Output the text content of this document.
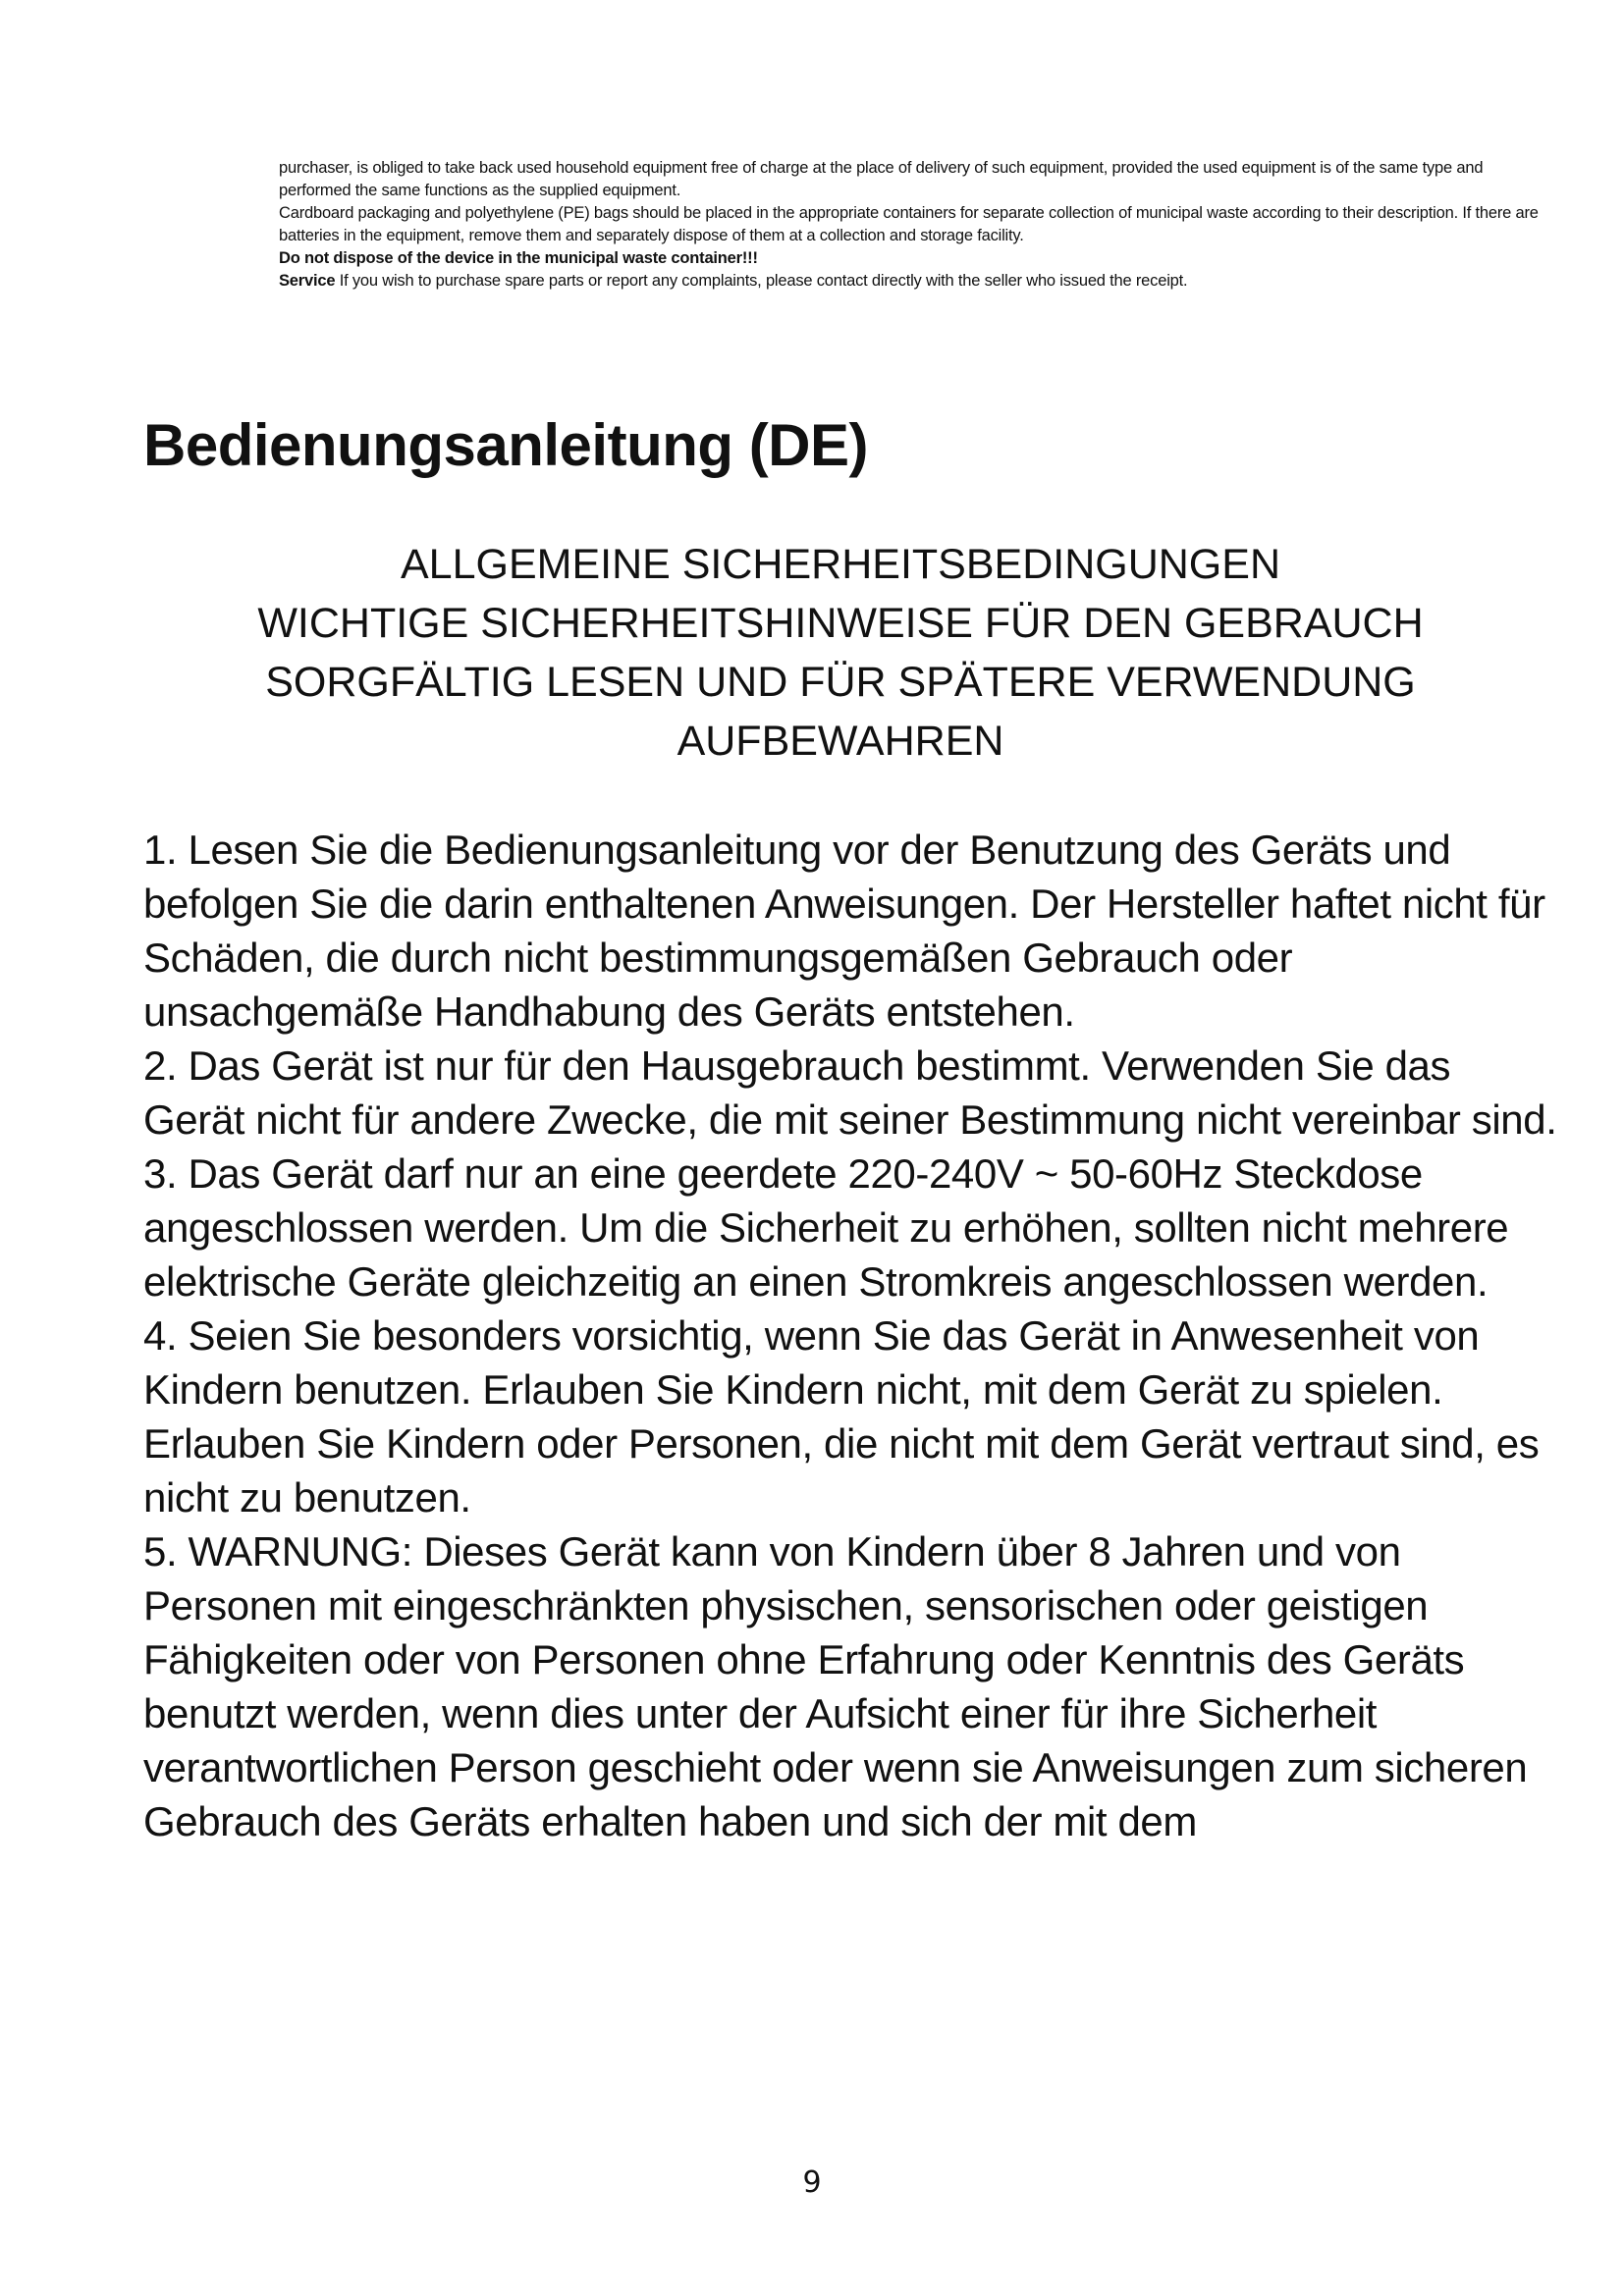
purchaser, is obliged to take back used household equipment free of charge at the place of delivery of such equipment, provided the used equipment is of the same type and performed the same functions as the supplied equipment.

Cardboard packaging and polyethylene (PE) bags should be placed in the appropriate containers for separate collection of municipal waste according to their description. If there are batteries in the equipment, remove them and separately dispose of them at a collection and storage facility.

Do not dispose of the device in the municipal waste container!!!

Service If you wish to purchase spare parts or report any complaints, please contact directly with the seller who issued the receipt.

Bedienungsanleitung (DE)
ALLGEMEINE SICHERHEITSBEDINGUNGEN
WICHTIGE SICHERHEITSHINWEISE FÜR DEN GEBRAUCH
SORGFÄLTIG LESEN UND FÜR SPÄTERE VERWENDUNG
AUFBEWAHREN

1. Lesen Sie die Bedienungsanleitung vor der Benutzung des Geräts und befolgen Sie die darin enthaltenen Anweisungen. Der Hersteller haftet nicht für Schäden, die durch nicht bestimmungsgemäßen Gebrauch oder unsachgemäße Handhabung des Geräts entstehen.

2. Das Gerät ist nur für den Hausgebrauch bestimmt. Verwenden Sie das Gerät nicht für andere Zwecke, die mit seiner Bestimmung nicht vereinbar sind.

3. Das Gerät darf nur an eine geerdete 220-240V ~ 50-60Hz Steckdose angeschlossen werden. Um die Sicherheit zu erhöhen, sollten nicht mehrere elektrische Geräte gleichzeitig an einen Stromkreis angeschlossen werden.

4. Seien Sie besonders vorsichtig, wenn Sie das Gerät in Anwesenheit von Kindern benutzen. Erlauben Sie Kindern nicht, mit dem Gerät zu spielen. Erlauben Sie Kindern oder Personen, die nicht mit dem Gerät vertraut sind, es nicht zu benutzen.

5. WARNUNG: Dieses Gerät kann von Kindern über 8 Jahren und von Personen mit eingeschränkten physischen, sensorischen oder geistigen Fähigkeiten oder von Personen ohne Erfahrung oder Kenntnis des Geräts benutzt werden, wenn dies unter der Aufsicht einer für ihre Sicherheit verantwortlichen Person geschieht oder wenn sie Anweisungen zum sicheren Gebrauch des Geräts erhalten haben und sich der mit dem

9
